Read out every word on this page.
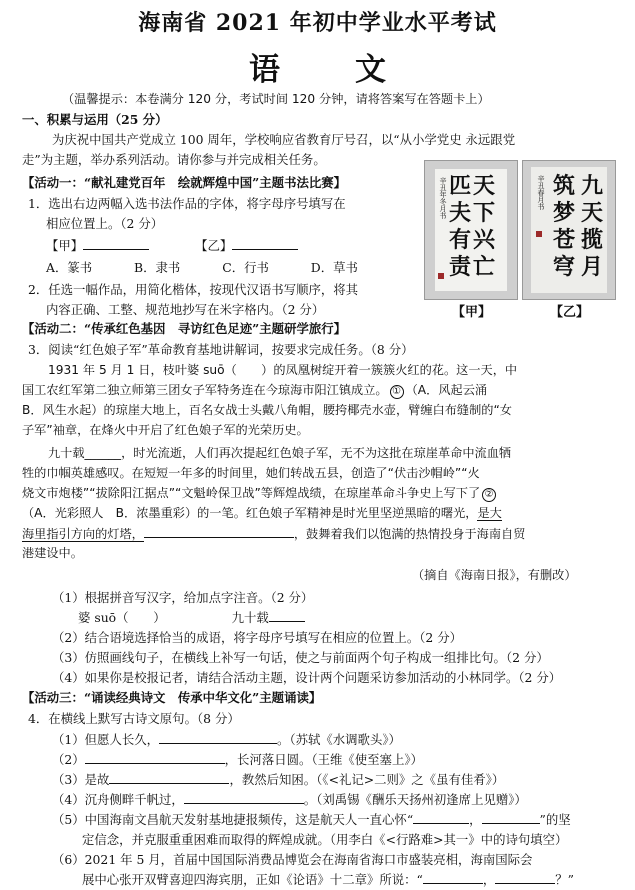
海南省 2021 年初中学业水平考试
语　文
（温馨提示：本卷满分 120 分，考试时间 120 分钟，请将答案写在答题卡上）
一、积累与运用（25 分）
为庆祝中国共产党成立 100 周年，学校响应省教育厅号召，以“从小学党史 永远跟党
走”为主题，举办系列活动。请你参与并完成相关任务。
【活动一：“献礼建党百年　绘就辉煌中国”主题书法比赛】
1．选出右边两幅入选书法作品的字体，将字母序号填写在
相应位置上。（2 分）
【甲】	【乙】
A．篆书	B．隶书	C．行书	D．草书
2．任选一幅作品，用简化楷体，按现代汉语书写顺序，将其
内容正确、工整、规范地抄写在米字格内。（2 分）
天
下
兴
亡
匹
夫
有
责
辛丑年冬月书	九
天
揽
月
筑
梦
苍
穹
辛丑春月书
【甲】	【乙】
【活动二：“传承红色基因　寻访红色足迹”主题研学旅行】
3．阅读“红色娘子军”革命教育基地讲解词，按要求完成任务。（8 分）
1931 年 5 月 1 日，枝叶婆 suō（　　）的凤凰树绽开着一簇簇火红的花。这一天，中
国工农红军第二独立师第三团女子军特务连在今琼海市阳江镇成立。 ① （A．风起云涌
B．风生水起）的琼崖大地上，百名女战士头戴八角帽，腰挎椰壳水壶，臂缠白布缝制的“女
子军”袖章，在烽火中开启了红色娘子军的光荣历史。
九十载______，时光流逝，人们再次提起红色娘子军，无不为这批在琼崖革命中流血牺
牲的巾帼英雄感叹。在短短一年多的时间里，她们转战五县，创造了“伏击沙帽岭”“火
烧文市炮楼”“拔除阳江据点”“文魁岭保卫战”等辉煌战绩，在琼崖革命斗争史上写下了 ②
（A．光彩照人　B．浓墨重彩）的一笔。红色娘子军精神是时光里坚逆黑暗的曙光，是大
海里指引方向的灯塔，	，鼓舞着我们以饱满的热情投身于海南自贸
港建设中。
（摘自《海南日报》，有删改）
（1）根据拼音写汉字，给加点字注音。（2 分）
婆 suō（　　）	九十载
（2）结合语境选择恰当的成语，将字母序号填写在相应的位置上。（2 分）
（3）仿照画线句子，在横线上补写一句话，使之与前面两个句子构成一组排比句。（2 分）
（4）如果你是校报记者，请结合活动主题，设计两个问题采访参加活动的小林同学。（2 分）
【活动三：“诵读经典诗文　传承中华文化”主题诵读】
4．在横线上默写古诗文原句。（8 分）
（1）但愿人长久，	。（苏轼《水调歌头》）
（2）	，长河落日圆。（王维《使至塞上》）
（3）是故	，教然后知困。（《<礼记>二则》之《虽有佳肴》）
（4）沉舟侧畔千帆过，	。（刘禹锡《酬乐天扬州初逢席上见赠》）
（5）中国海南文昌航天发射基地捷报频传，这是航天人一直心怀“	，	”的坚
定信念，并克服重重困难而取得的辉煌成就。（用李白《<行路难>其一》中的诗句填空）
（6）2021 年 5 月，首届中国国际消费品博览会在海南省海口市盛装亮相，海南国际会
展中心张开双臂喜迎四海宾朋，正如《论语》十二章》所说：“	，	？”
